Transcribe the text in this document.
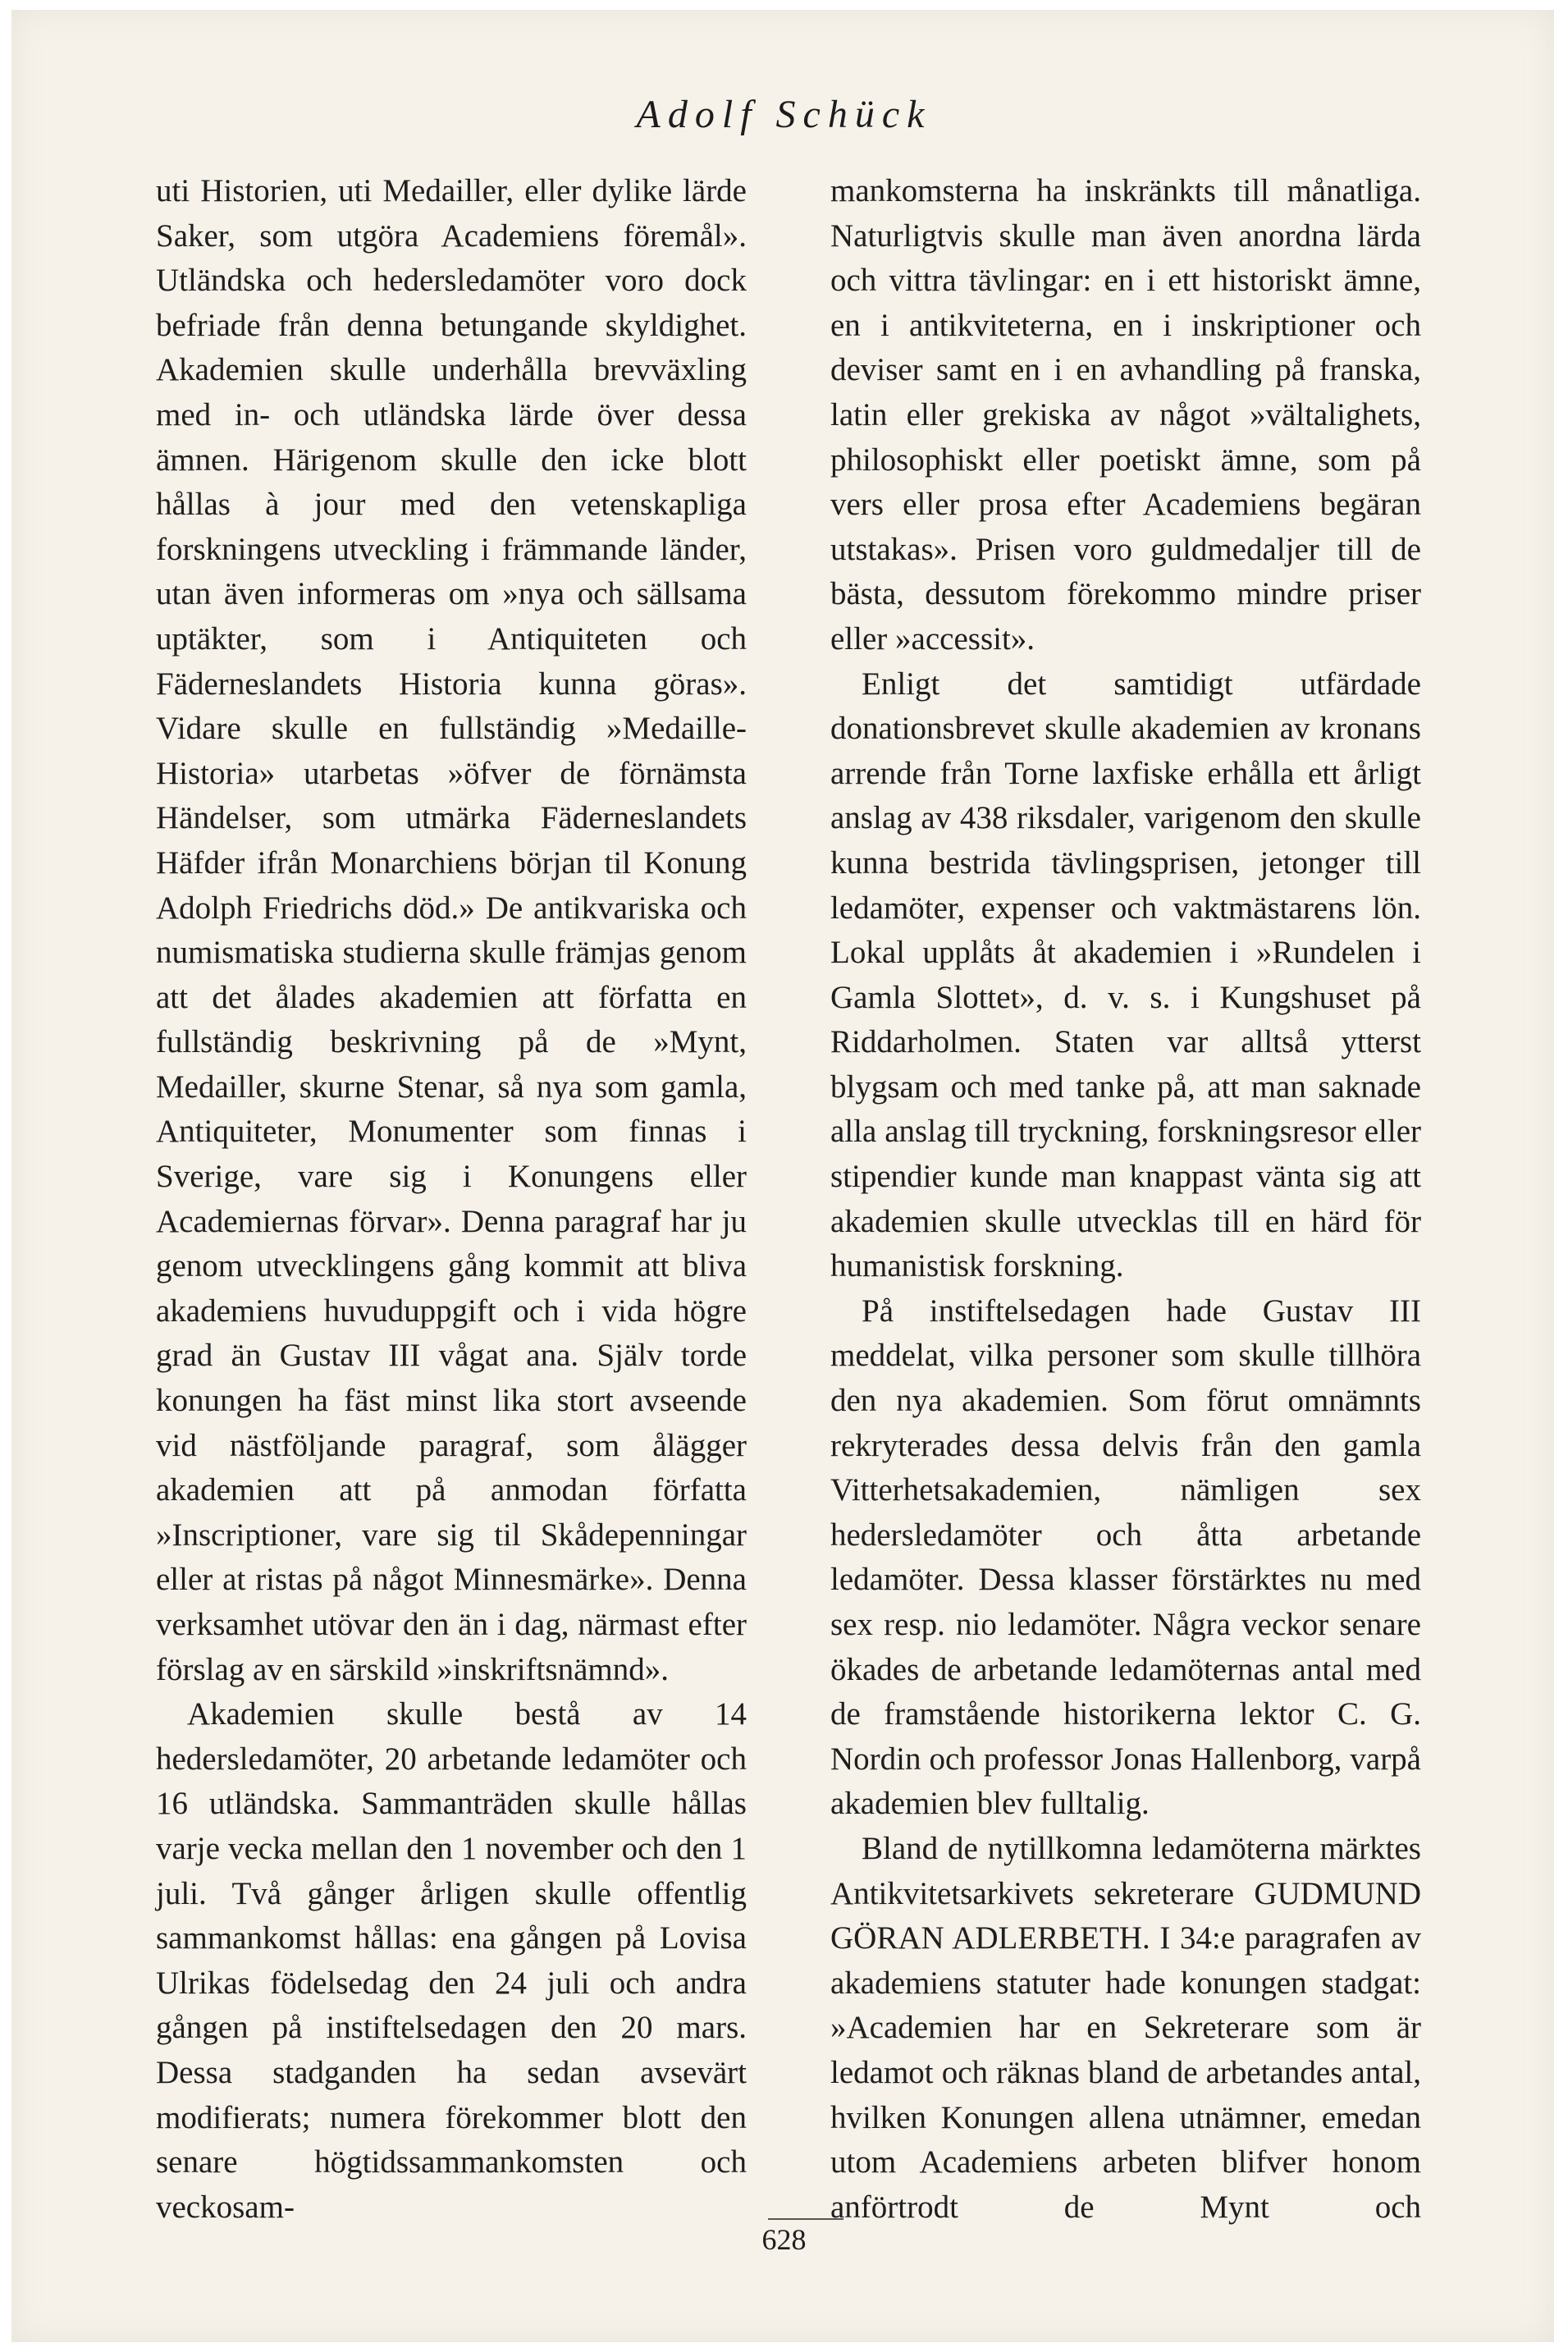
Adolf Schück

uti Historien, uti Medailler, eller dylike lärde Saker, som utgöra Academiens föremål». Utländska och hedersledamöter voro dock befriade från denna betungande skyldighet. Akademien skulle underhålla brevväxling med in- och utländska lärde över dessa ämnen. Härigenom skulle den icke blott hållas à jour med den vetenskapliga forskningens utveckling i främmande länder, utan även informeras om »nya och sällsama uptäkter, som i Antiquiteten och Fäderneslandets Historia kunna göras». Vidare skulle en fullständig »Medaille-Historia» utarbetas »öfver de förnämsta Händelser, som utmärka Fäderneslandets Häfder ifrån Monarchiens början til Konung Adolph Friedrichs död.» De antikvariska och numismatiska studierna skulle främjas genom att det ålades akademien att författa en fullständig beskrivning på de »Mynt, Medailler, skurne Stenar, så nya som gamla, Antiquiteter, Monumenter som finnas i Sverige, vare sig i Konungens eller Academiernas förvar». Denna paragraf har ju genom utvecklingens gång kommit att bliva akademiens huvuduppgift och i vida högre grad än Gustav III vågat ana. Själv torde konungen ha fäst minst lika stort avseende vid nästföljande paragraf, som ålägger akademien att på anmodan författa »Inscriptioner, vare sig til Skådepenningar eller at ristas på något Minnesmärke». Denna verksamhet utövar den än i dag, närmast efter förslag av en särskild »inskriftsnämnd».

Akademien skulle bestå av 14 hedersledamöter, 20 arbetande ledamöter och 16 utländska. Sammanträden skulle hållas varje vecka mellan den 1 november och den 1 juli. Två gånger årligen skulle offentlig sammankomst hållas: ena gången på Lovisa Ulrikas födelsedag den 24 juli och andra gången på instiftelsedagen den 20 mars. Dessa stadganden ha sedan avsevärt modifierats; numera förekommer blott den senare högtidssammankomsten och veckosam-

mankomsterna ha inskränkts till månatliga. Naturligtvis skulle man även anordna lärda och vittra tävlingar: en i ett historiskt ämne, en i antikviteterna, en i inskriptioner och deviser samt en i en avhandling på franska, latin eller grekiska av något »vältalighets, philosophiskt eller poetiskt ämne, som på vers eller prosa efter Academiens begäran utstakas». Prisen voro guldmedaljer till de bästa, dessutom förekommo mindre priser eller »accessit».

Enligt det samtidigt utfärdade donationsbrevet skulle akademien av kronans arrende från Torne laxfiske erhålla ett årligt anslag av 438 riksdaler, varigenom den skulle kunna bestrida tävlingsprisen, jetonger till ledamöter, expenser och vaktmästarens lön. Lokal upplåts åt akademien i »Rundelen i Gamla Slottet», d. v. s. i Kungshuset på Riddarholmen. Staten var alltså ytterst blygsam och med tanke på, att man saknade alla anslag till tryckning, forskningsresor eller stipendier kunde man knappast vänta sig att akademien skulle utvecklas till en härd för humanistisk forskning.

På instiftelsedagen hade Gustav III meddelat, vilka personer som skulle tillhöra den nya akademien. Som förut omnämnts rekryterades dessa delvis från den gamla Vitterhetsakademien, nämligen sex hedersledamöter och åtta arbetande ledamöter. Dessa klasser förstärktes nu med sex resp. nio ledamöter. Några veckor senare ökades de arbetande ledamöternas antal med de framstående historikerna lektor C. G. Nordin och professor Jonas Hallenborg, varpå akademien blev fulltalig.

Bland de nytillkomna ledamöterna märktes Antikvitetsarkivets sekreterare GUDMUND GÖRAN ADLERBETH. I 34:e paragrafen av akademiens statuter hade konungen stadgat: »Academien har en Sekreterare som är ledamot och räknas bland de arbetandes antal, hvilken Konungen allena utnämner, emedan utom Academiens arbeten blifver honom anförtrodt de Mynt och

628
